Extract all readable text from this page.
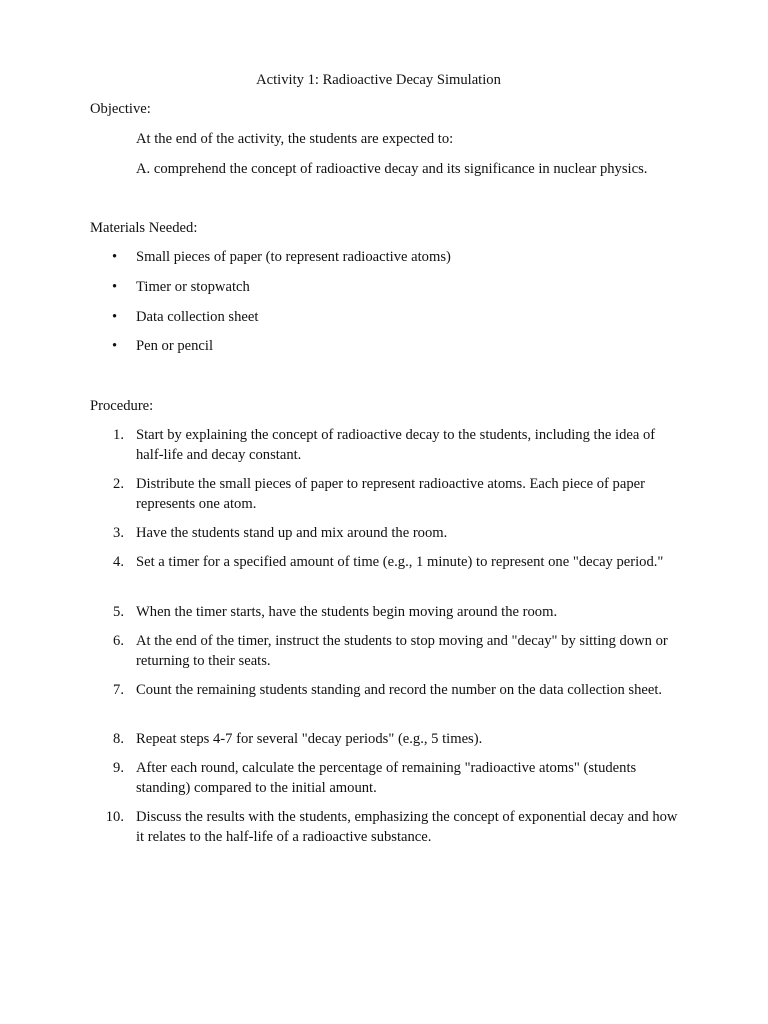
Activity 1: Radioactive Decay Simulation
Objective:
At the end of the activity, the students are expected to:
A. comprehend the concept of radioactive decay and its significance in nuclear physics.
Materials Needed:
•	Small pieces of paper (to represent radioactive atoms)
•	Timer or stopwatch
•	Data collection sheet
•	Pen or pencil
Procedure:
1. Start by explaining the concept of radioactive decay to the students, including the idea of half-life and decay constant.
2. Distribute the small pieces of paper to represent radioactive atoms. Each piece of paper represents one atom.
3. Have the students stand up and mix around the room.
4. Set a timer for a specified amount of time (e.g., 1 minute) to represent one "decay period."
5. When the timer starts, have the students begin moving around the room.
6. At the end of the timer, instruct the students to stop moving and "decay" by sitting down or returning to their seats.
7. Count the remaining students standing and record the number on the data collection sheet.
8. Repeat steps 4-7 for several "decay periods" (e.g., 5 times).
9. After each round, calculate the percentage of remaining "radioactive atoms" (students standing) compared to the initial amount.
10. Discuss the results with the students, emphasizing the concept of exponential decay and how it relates to the half-life of a radioactive substance.
